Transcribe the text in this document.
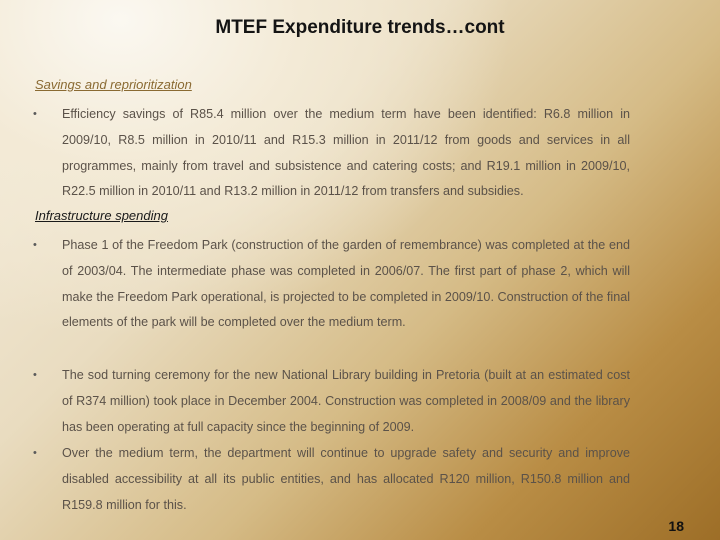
MTEF Expenditure trends…cont
Savings and reprioritization
• Efficiency savings of R85.4 million over the medium term have been identified: R6.8 million in 2009/10, R8.5 million in 2010/11 and R15.3 million in 2011/12 from goods and services in all programmes, mainly from travel and subsistence and catering costs; and R19.1 million in 2009/10, R22.5 million in 2010/11 and R13.2 million in 2011/12 from transfers and subsidies.
Infrastructure spending
• Phase 1 of the Freedom Park (construction of the garden of remembrance) was completed at the end of 2003/04. The intermediate phase was completed in 2006/07. The first part of phase 2, which will make the Freedom Park operational, is projected to be completed in 2009/10. Construction of the final elements of the park will be completed over the medium term.
• The sod turning ceremony for the new National Library building in Pretoria (built at an estimated cost of R374 million) took place in December 2004. Construction was completed in 2008/09 and the library has been operating at full capacity since the beginning of 2009.
• Over the medium term, the department will continue to upgrade safety and security and improve disabled accessibility at all its public entities, and has allocated R120 million, R150.8 million and R159.8 million for this.
18
